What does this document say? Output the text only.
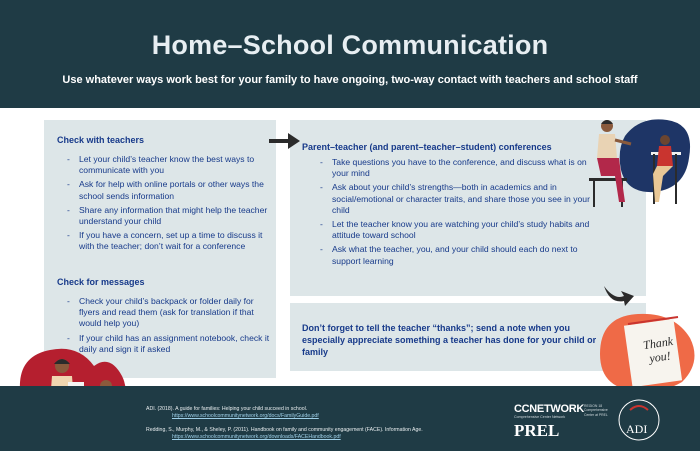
Home–School Communication
Use whatever ways work best for your family to have ongoing, two-way contact with teachers and school staff
Check with teachers
- Let your child’s teacher know the best ways to communicate with you
- Ask for help with online portals or other ways the school sends information
- Share any information that might help the teacher understand your child
- If you have a concern, set up a time to discuss it with the teacher; don’t wait for a conference
Check for messages
- Check your child’s backpack or folder daily for flyers and read them (ask for translation if that would help you)
- If your child has an assignment notebook, check it daily and sign it if asked
Parent–teacher (and parent–teacher–student) conferences
- Take questions you have to the conference, and discuss what is on your mind
- Ask about your child’s strengths—both in academics and in social/emotional or character traits, and share those you see in your child
- Let the teacher know you are watching your child’s study habits and attitude toward school
- Ask what the teacher, you, and your child should each do next to support learning
Don’t forget to tell the teacher “thanks”; send a note when you especially appreciate something a teacher has done for your child or family	Thank
you!
ADI. (2018). A guide for families: Helping your child succeed in school.
https://www.schoolcommunitynetwork.org/docs/FamilyGuide.pdf
Redding, S., Murphy, M., & Sheley, P. (2011). Handbook on family and community engagement (FACE). Information Age.
https://www.schoolcommunitynetwork.org/downloads/FACEHandbook.pdf
CCNETWORK
Comprehensive Center Network
PREL
REGION 18 Comprehensive Center at PREL
ADI
